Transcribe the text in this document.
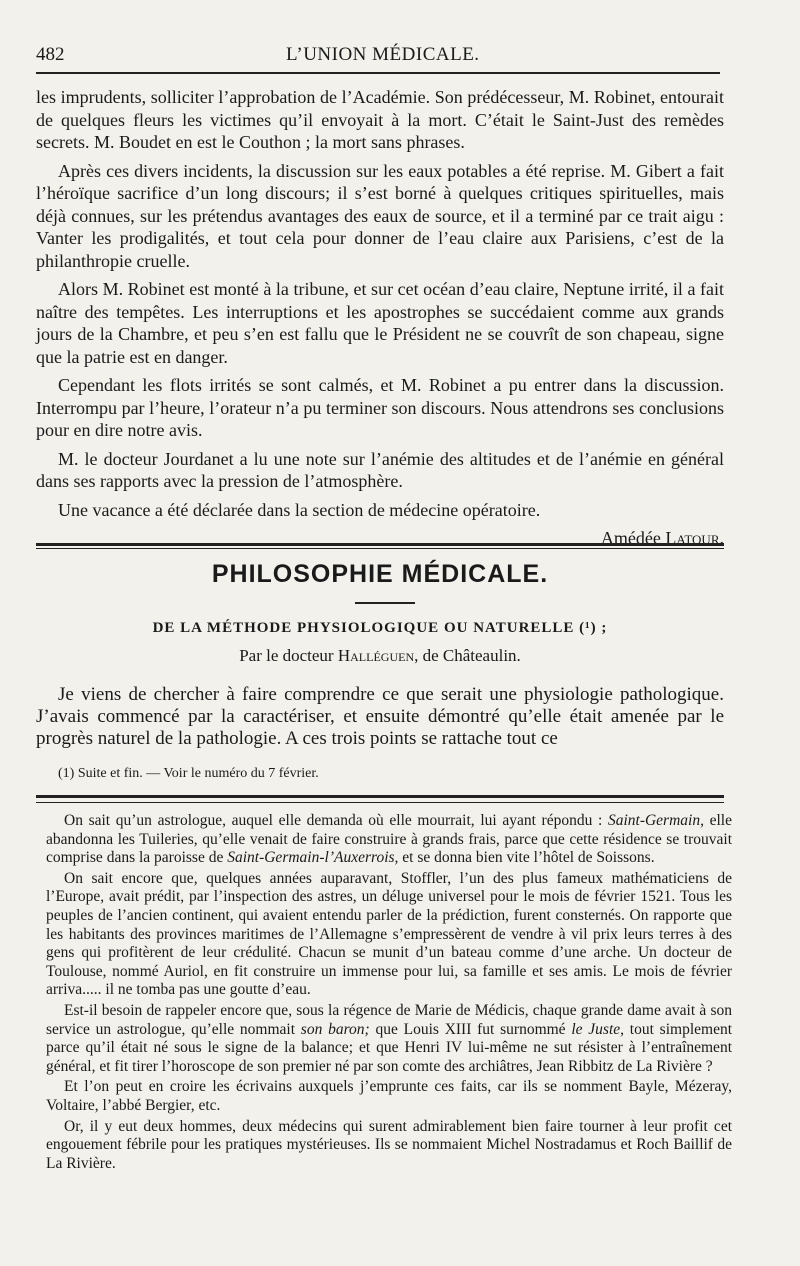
482	L’UNION MÉDICALE.

les imprudents, solliciter l’approbation de l’Académie. Son prédécesseur, M. Robinet, entourait de quelques fleurs les victimes qu’il envoyait à la mort. C’était le Saint-Just des remèdes secrets. M. Boudet en est le Couthon ; la mort sans phrases.

Après ces divers incidents, la discussion sur les eaux potables a été reprise. M. Gibert a fait l’héroïque sacrifice d’un long discours; il s’est borné à quelques critiques spirituelles, mais déjà connues, sur les prétendus avantages des eaux de source, et il a terminé par ce trait aigu : Vanter les prodigalités, et tout cela pour donner de l’eau claire aux Parisiens, c’est de la philanthropie cruelle.

Alors M. Robinet est monté à la tribune, et sur cet océan d’eau claire, Neptune irrité, il a fait naître des tempêtes. Les interruptions et les apostrophes se succédaient comme aux grands jours de la Chambre, et peu s’en est fallu que le Président ne se couvrît de son chapeau, signe que la patrie est en danger.

Cependant les flots irrités se sont calmés, et M. Robinet a pu entrer dans la discussion. Interrompu par l’heure, l’orateur n’a pu terminer son discours. Nous attendrons ses conclusions pour en dire notre avis.

M. le docteur Jourdanet a lu une note sur l’anémie des altitudes et de l’anémie en général dans ses rapports avec la pression de l’atmosphère.

Une vacance a été déclarée dans la section de médecine opératoire.

Amédée Latour.

PHILOSOPHIE MÉDICALE.
DE LA MÉTHODE PHYSIOLOGIQUE OU NATURELLE (¹) ;
Par le docteur Halléguen, de Châteaulin.

Je viens de chercher à faire comprendre ce que serait une physiologie pathologique. J’avais commencé par la caractériser, et ensuite démontré qu’elle était amenée par le progrès naturel de la pathologie. A ces trois points se rattache tout ce

(1) Suite et fin. — Voir le numéro du 7 février.

On sait qu’un astrologue, auquel elle demanda où elle mourrait, lui ayant répondu : Saint-Germain, elle abandonna les Tuileries, qu’elle venait de faire construire à grands frais, parce que cette résidence se trouvait comprise dans la paroisse de Saint-Germain-l’Auxerrois, et se donna bien vite l’hôtel de Soissons.

On sait encore que, quelques années auparavant, Stoffler, l’un des plus fameux mathématiciens de l’Europe, avait prédit, par l’inspection des astres, un déluge universel pour le mois de février 1521. Tous les peuples de l’ancien continent, qui avaient entendu parler de la prédiction, furent consternés. On rapporte que les habitants des provinces maritimes de l’Allemagne s’empressèrent de vendre à vil prix leurs terres à des gens qui profitèrent de leur crédulité. Chacun se munit d’un bateau comme d’une arche. Un docteur de Toulouse, nommé Auriol, en fit construire un immense pour lui, sa famille et ses amis. Le mois de février arriva..... il ne tomba pas une goutte d’eau.

Est-il besoin de rappeler encore que, sous la régence de Marie de Médicis, chaque grande dame avait à son service un astrologue, qu’elle nommait son baron; que Louis XIII fut surnommé le Juste, tout simplement parce qu’il était né sous le signe de la balance; et que Henri IV lui-même ne sut résister à l’entraînement général, et fit tirer l’horoscope de son premier né par son comte des archiâtres, Jean Ribbitz de La Rivière ?

Et l’on peut en croire les écrivains auxquels j’emprunte ces faits, car ils se nomment Bayle, Mézeray, Voltaire, l’abbé Bergier, etc.

Or, il y eut deux hommes, deux médecins qui surent admirablement bien faire tourner à leur profit cet engouement fébrile pour les pratiques mystérieuses. Ils se nommaient Michel Nostradamus et Roch Baillif de La Rivière.
